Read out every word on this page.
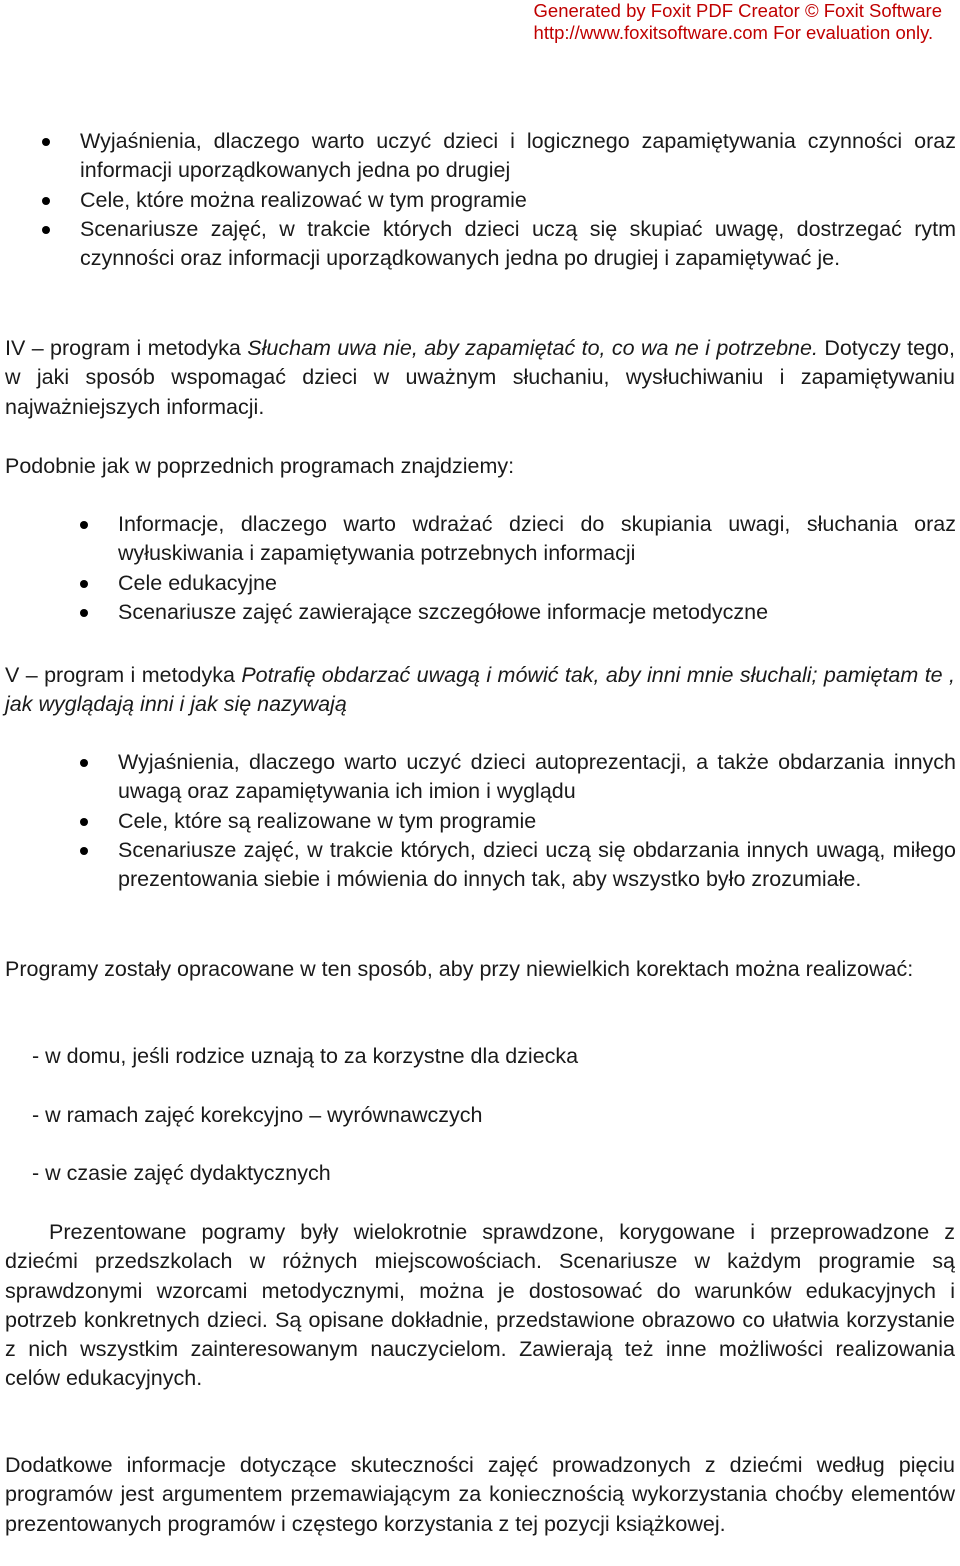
Generated by Foxit PDF Creator © Foxit Software
http://www.foxitsoftware.com For evaluation only.
Wyjaśnienia, dlaczego warto uczyć dzieci i logicznego zapamiętywania czynności oraz informacji uporządkowanych jedna po drugiej
Cele, które można realizować w tym programie
Scenariusze zajęć, w trakcie których dzieci uczą się skupiać uwagę, dostrzegać rytm czynności oraz informacji uporządkowanych jedna po drugiej i zapamiętywać je.

IV – program i metodyka Słucham uwa nie, aby zapamiętać to, co wa ne i potrzebne. Dotyczy tego, w jaki sposób wspomagać dzieci w uważnym słuchaniu, wysłuchiwaniu i zapamiętywaniu najważniejszych informacji.

Podobnie jak w poprzednich programach znajdziemy:

Informacje, dlaczego warto wdrażać dzieci do skupiania uwagi, słuchania oraz wyłuskiwania i zapamiętywania potrzebnych informacji
Cele edukacyjne
Scenariusze zajęć zawierające szczegółowe informacje metodyczne

V – program i metodyka Potrafię obdarzać uwagą i mówić tak, aby inni mnie słuchali; pamiętam te , jak wyglądają inni i jak się nazywają

Wyjaśnienia, dlaczego warto uczyć dzieci autoprezentacji, a także obdarzania innych uwagą oraz zapamiętywania ich imion i wyglądu
Cele, które są realizowane w tym programie
Scenariusze zajęć, w trakcie których, dzieci uczą się obdarzania innych uwagą, miłego prezentowania siebie i mówienia do innych tak, aby wszystko było zrozumiałe.

Programy zostały opracowane w ten sposób, aby przy niewielkich korektach można realizować:

- w domu, jeśli rodzice uznają to za korzystne dla dziecka
- w ramach zajęć korekcyjno – wyrównawczych
- w czasie zajęć dydaktycznych

Prezentowane pogramy były wielokrotnie sprawdzone, korygowane i przeprowadzone z dziećmi przedszkolach w różnych miejscowościach. Scenariusze w każdym programie są sprawdzonymi wzorcami metodycznymi, można je dostosować do warunków edukacyjnych i potrzeb konkretnych dzieci. Są opisane dokładnie, przedstawione obrazowo co ułatwia korzystanie z nich wszystkim zainteresowanym nauczycielom. Zawierają też inne możliwości realizowania celów edukacyjnych.

Dodatkowe informacje dotyczące skuteczności zajęć prowadzonych z dziećmi według pięciu programów jest argumentem przemawiającym za koniecznością wykorzystania choćby elementów prezentowanych programów i częstego korzystania z tej pozycji książkowej.
